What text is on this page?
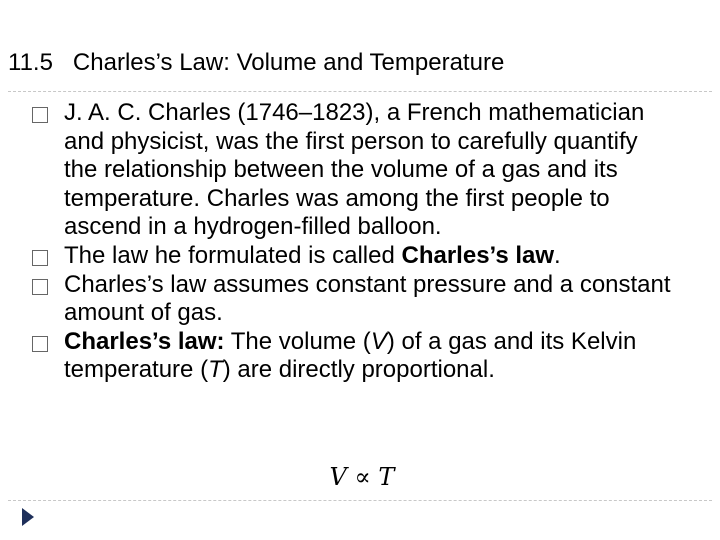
11.5   Charles’s Law: Volume and Temperature

J. A. C. Charles (1746–1823), a French mathematician and physicist, was the first person to carefully quantify the relationship between the volume of a gas and its temperature. Charles was among the first people to ascend in a hydrogen-filled balloon.

The law he formulated is called Charles’s law.

Charles’s law assumes constant pressure and a constant amount of gas.

Charles’s law: The volume (V) of a gas and its Kelvin temperature (T) are directly proportional.

V ∝ T
